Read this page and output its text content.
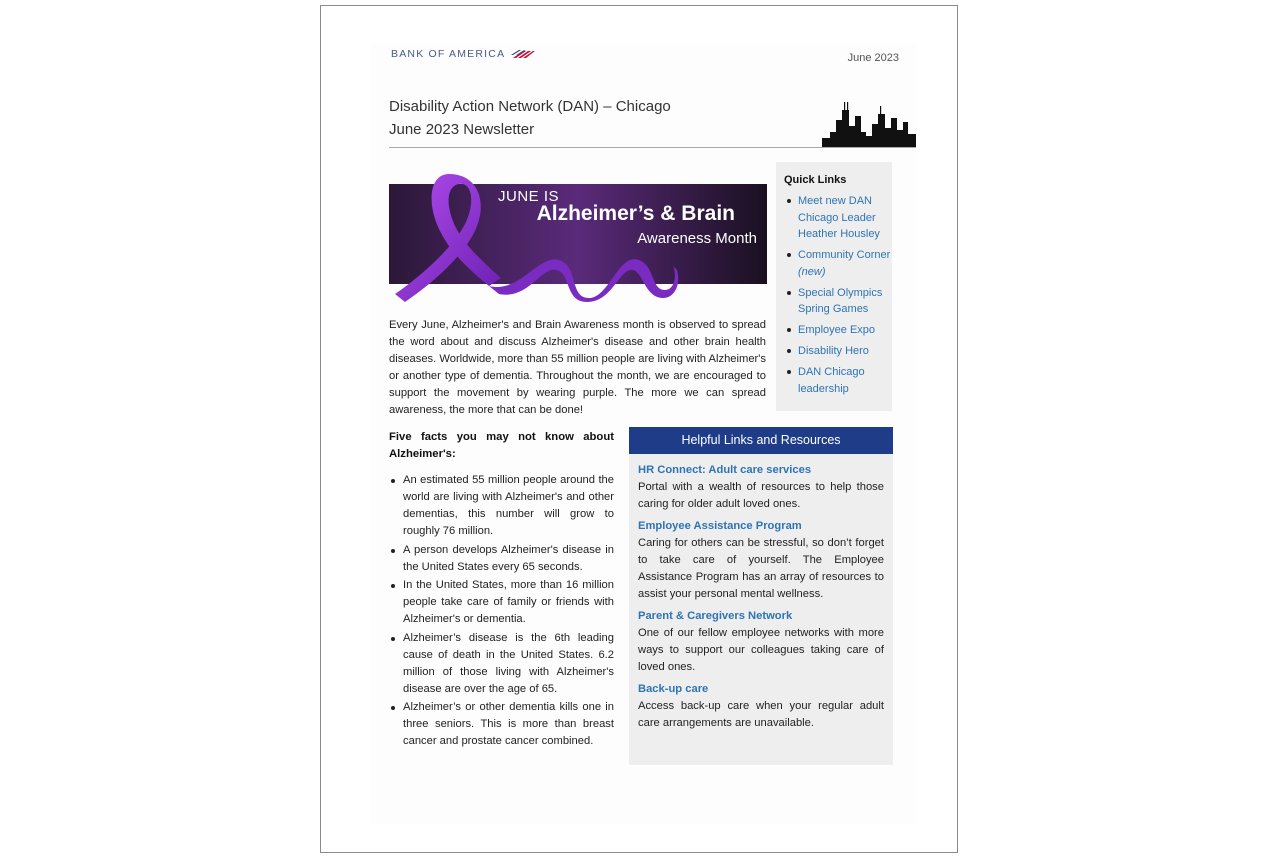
BANK OF AMERICA	June 2023
Disability Action Network (DAN) – Chicago
June 2023 Newsletter
JUNE IS
Alzheimer’s & Brain
Awareness Month
Every June, Alzheimer's and Brain Awareness month is observed to spread the word about and discuss Alzheimer's disease and other brain health diseases. Worldwide, more than 55 million people are living with Alzheimer's or another type of dementia. Throughout the month, we are encouraged to support the movement by wearing purple. The more we can spread awareness, the more that can be done!
Quick Links
Meet new DAN Chicago Leader Heather Housley
Community Corner (new)
Special Olympics Spring Games
Employee Expo
Disability Hero
DAN Chicago leadership
Five facts you may not know about Alzheimer's:
An estimated 55 million people around the world are living with Alzheimer's and other dementias, this number will grow to roughly 76 million.
A person develops Alzheimer's disease in the United States every 65 seconds.
In the United States, more than 16 million people take care of family or friends with Alzheimer's or dementia.
Alzheimer’s disease is the 6th leading cause of death in the United States. 6.2 million of those living with Alzheimer's disease are over the age of 65.
Alzheimer’s or other dementia kills one in three seniors. This is more than breast cancer and prostate cancer combined.
Helpful Links and Resources
HR Connect: Adult care services
Portal with a wealth of resources to help those caring for older adult loved ones.
Employee Assistance Program
Caring for others can be stressful, so don’t forget to take care of yourself. The Employee Assistance Program has an array of resources to assist your personal mental wellness.
Parent & Caregivers Network
One of our fellow employee networks with more ways to support our colleagues taking care of loved ones.
Back-up care
Access back-up care when your regular adult care arrangements are unavailable.
